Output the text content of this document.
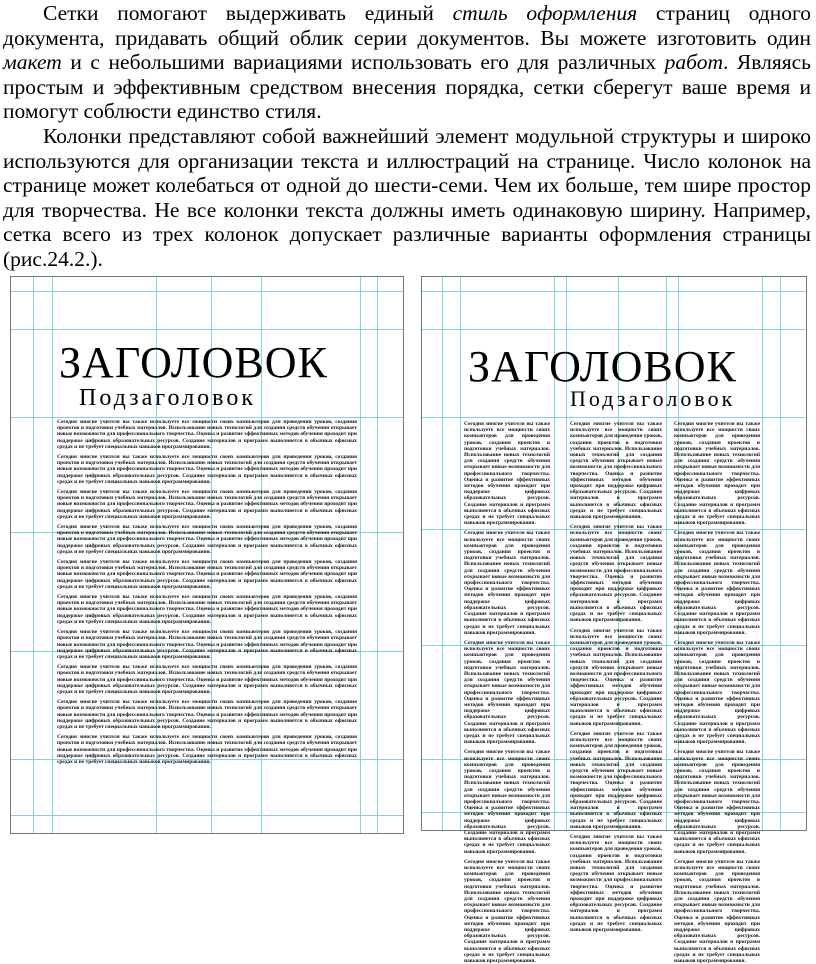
Сетки помогают выдерживать единый стиль оформления страниц одного документа, придавать общий облик серии документов. Вы можете изготовить один макет и с небольшими вариациями использовать его для различных работ. Являясь простым и эффективным средством внесения порядка, сетки сберегут ваше время и помогут соблюсти единство стиля.

Колонки представляют собой важнейший элемент модульной структуры и широко используются для организации текста и иллюстраций на странице. Число колонок на странице может колебаться от одной до шести-семи. Чем их больше, тем шире простор для творчества. Не все колонки текста должны иметь одинаковую ширину. Например, сетка всего из трех колонок допускает различные варианты оформления страницы (рис.24.2.).

ЗАГОЛОВОК
Подзаголовок

Сегодня многие учителя вы также используете все мощности своих компьютеров для проведения уроков, создания проектов и подготовки учебных материалов. Использование новых технологий для создания средств обучения открывает новые возможности для профессионального творчества. Оценка и развитие эффективных методов обучения проходит при поддержке цифровых образовательных ресурсов. Создание материалов и программ выполняется в обычных офисных средах и не требует специальных навыков программирования.

Сегодня многие учителя вы также используете все мощности своих компьютеров для проведения уроков, создания проектов и подготовки учебных материалов. Использование новых технологий для создания средств обучения открывает новые возможности для профессионального творчества. Оценка и развитие эффективных методов обучения проходит при поддержке цифровых образовательных ресурсов. Создание материалов и программ выполняется в обычных офисных средах и не требует специальных навыков программирования.

Сегодня многие учителя вы также используете все мощности своих компьютеров для проведения уроков, создания проектов и подготовки учебных материалов. Использование новых технологий для создания средств обучения открывает новые возможности для профессионального творчества. Оценка и развитие эффективных методов обучения проходит при поддержке цифровых образовательных ресурсов. Создание материалов и программ выполняется в обычных офисных средах и не требует специальных навыков программирования.

Сегодня многие учителя вы также используете все мощности своих компьютеров для проведения уроков, создания проектов и подготовки учебных материалов. Использование новых технологий для создания средств обучения открывает новые возможности для профессионального творчества. Оценка и развитие эффективных методов обучения проходит при поддержке цифровых образовательных ресурсов. Создание материалов и программ выполняется в обычных офисных средах и не требует специальных навыков программирования.

Сегодня многие учителя вы также используете все мощности своих компьютеров для проведения уроков, создания проектов и подготовки учебных материалов. Использование новых технологий для создания средств обучения открывает новые возможности для профессионального творчества. Оценка и развитие эффективных методов обучения проходит при поддержке цифровых образовательных ресурсов. Создание материалов и программ выполняется в обычных офисных средах и не требует специальных навыков программирования.

Сегодня многие учителя вы также используете все мощности своих компьютеров для проведения уроков, создания проектов и подготовки учебных материалов. Использование новых технологий для создания средств обучения открывает новые возможности для профессионального творчества. Оценка и развитие эффективных методов обучения проходит при поддержке цифровых образовательных ресурсов. Создание материалов и программ выполняется в обычных офисных средах и не требует специальных навыков программирования.

Сегодня многие учителя вы также используете все мощности своих компьютеров для проведения уроков, создания проектов и подготовки учебных материалов. Использование новых технологий для создания средств обучения открывает новые возможности для профессионального творчества. Оценка и развитие эффективных методов обучения проходит при поддержке цифровых образовательных ресурсов. Создание материалов и программ выполняется в обычных офисных средах и не требует специальных навыков программирования.

Сегодня многие учителя вы также используете все мощности своих компьютеров для проведения уроков, создания проектов и подготовки учебных материалов. Использование новых технологий для создания средств обучения открывает новые возможности для профессионального творчества. Оценка и развитие эффективных методов обучения проходит при поддержке цифровых образовательных ресурсов. Создание материалов и программ выполняется в обычных офисных средах и не требует специальных навыков программирования.

Сегодня многие учителя вы также используете все мощности своих компьютеров для проведения уроков, создания проектов и подготовки учебных материалов. Использование новых технологий для создания средств обучения открывает новые возможности для профессионального творчества. Оценка и развитие эффективных методов обучения проходит при поддержке цифровых образовательных ресурсов. Создание материалов и программ выполняется в обычных офисных средах и не требует специальных навыков программирования.

Сегодня многие учителя вы также используете все мощности своих компьютеров для проведения уроков, создания проектов и подготовки учебных материалов. Использование новых технологий для создания средств обучения открывает новые возможности для профессионального творчества. Оценка и развитие эффективных методов обучения проходит при поддержке цифровых образовательных ресурсов. Создание материалов и программ выполняется в обычных офисных средах и не требует специальных навыков программирования.

ЗАГОЛОВОК
Подзаголовок

Сегодня многие учителя вы также используете все мощности своих компьютеров для проведения уроков, создания проектов и подготовки учебных материалов. Использование новых технологий для создания средств обучения открывает новые возможности для профессионального творчества. Оценка и развитие эффективных методов обучения проходит при поддержке цифровых образовательных ресурсов. Создание материалов и программ выполняется в обычных офисных средах и не требует специальных навыков программирования.

Сегодня многие учителя вы также используете все мощности своих компьютеров для проведения уроков, создания проектов и подготовки учебных материалов. Использование новых технологий для создания средств обучения открывает новые возможности для профессионального творчества. Оценка и развитие эффективных методов обучения проходит при поддержке цифровых образовательных ресурсов. Создание материалов и программ выполняется в обычных офисных средах и не требует специальных навыков программирования.

Сегодня многие учителя вы также используете все мощности своих компьютеров для проведения уроков, создания проектов и подготовки учебных материалов. Использование новых технологий для создания средств обучения открывает новые возможности для профессионального творчества. Оценка и развитие эффективных методов обучения проходит при поддержке цифровых образовательных ресурсов. Создание материалов и программ выполняется в обычных офисных средах и не требует специальных навыков программирования.

Сегодня многие учителя вы также используете все мощности своих компьютеров для проведения уроков, создания проектов и подготовки учебных материалов. Использование новых технологий для создания средств обучения открывает новые возможности для профессионального творчества. Оценка и развитие эффективных методов обучения проходит при поддержке цифровых образовательных ресурсов. Создание материалов и программ выполняется в обычных офисных средах и не требует специальных навыков программирования.

Сегодня многие учителя вы также используете все мощности своих компьютеров для проведения уроков, создания проектов и подготовки учебных материалов. Использование новых технологий для создания средств обучения открывает новые возможности для профессионального творчества. Оценка и развитие эффективных методов обучения проходит при поддержке цифровых образовательных ресурсов. Создание материалов и программ выполняется в обычных офисных средах и не требует специальных навыков программирования.

Сегодня многие учителя вы также используете все мощности своих компьютеров для проведения уроков, создания проектов и подготовки учебных материалов. Использование новых технологий для создания средств обучения открывает новые возможности для профессионального творчества. Оценка и развитие эффективных методов обучения проходит при поддержке цифровых образовательных ресурсов. Создание материалов и программ выполняется в обычных офисных средах и не требует специальных навыков программирования.

Сегодня многие учителя вы также используете все мощности своих компьютеров для проведения уроков, создания проектов и подготовки учебных материалов. Использование новых технологий для создания средств обучения открывает новые возможности для профессионального творчества. Оценка и развитие эффективных методов обучения проходит при поддержке цифровых образовательных ресурсов. Создание материалов и программ выполняется в обычных офисных средах и не требует специальных навыков программирования.

Сегодня многие учителя вы также используете все мощности своих компьютеров для проведения уроков, создания проектов и подготовки учебных материалов. Использование новых технологий для создания средств обучения открывает новые возможности для профессионального творчества. Оценка и развитие эффективных методов обучения проходит при поддержке цифровых образовательных ресурсов. Создание материалов и программ выполняется в обычных офисных средах и не требует специальных навыков программирования.

Сегодня многие учителя вы также используете все мощности своих компьютеров для проведения уроков, создания проектов и подготовки учебных материалов. Использование новых технологий для создания средств обучения открывает новые возможности для профессионального творчества. Оценка и развитие эффективных методов обучения проходит при поддержке цифровых образовательных ресурсов. Создание материалов и программ выполняется в обычных офисных средах и не требует специальных навыков программирования.

Сегодня многие учителя вы также используете все мощности своих компьютеров для проведения уроков, создания проектов и подготовки учебных материалов. Использование новых технологий для создания средств обучения открывает новые возможности для профессионального творчества. Оценка и развитие эффективных методов обучения проходит при поддержке цифровых образовательных ресурсов. Создание материалов и программ выполняется в обычных офисных средах и не требует специальных навыков программирования.

Сегодня многие учителя вы также используете все мощности своих компьютеров для проведения уроков, создания проектов и подготовки учебных материалов. Использование новых технологий для создания средств обучения открывает новые возможности для профессионального творчества. Оценка и развитие эффективных методов обучения проходит при поддержке цифровых образовательных ресурсов. Создание материалов и программ выполняется в обычных офисных средах и не требует специальных навыков программирования.

Сегодня многие учителя вы также используете все мощности своих компьютеров для проведения уроков, создания проектов и подготовки учебных материалов. Использование новых технологий для создания средств обучения открывает новые возможности для профессионального творчества. Оценка и развитие эффективных методов обучения проходит при поддержке цифровых образовательных ресурсов. Создание материалов и программ выполняется в обычных офисных средах и не требует специальных навыков программирования.

Сегодня многие учителя вы также используете все мощности своих компьютеров для проведения уроков, создания проектов и подготовки учебных материалов. Использование новых технологий для создания средств обучения открывает новые возможности для профессионального творчества. Оценка и развитие эффективных методов обучения проходит при поддержке цифровых образовательных ресурсов. Создание материалов и программ выполняется в обычных офисных средах и не требует специальных навыков программирования.

Сегодня многие учителя вы также используете все мощности своих компьютеров для проведения уроков, создания проектов и подготовки учебных материалов. Использование новых технологий для создания средств обучения открывает новые возможности для профессионального творчества. Оценка и развитие эффективных методов обучения проходит при поддержке цифровых образовательных ресурсов. Создание материалов и программ выполняется в обычных офисных средах и не требует специальных навыков программирования.

Сегодня многие учителя вы также используете все мощности своих компьютеров для проведения уроков, создания проектов и подготовки учебных материалов. Использование новых технологий для создания средств обучения открывает новые возможности для профессионального творчества. Оценка и развитие эффективных методов обучения проходит при поддержке цифровых образовательных ресурсов. Создание материалов и программ выполняется в обычных офисных средах и не требует специальных навыков программирования.
